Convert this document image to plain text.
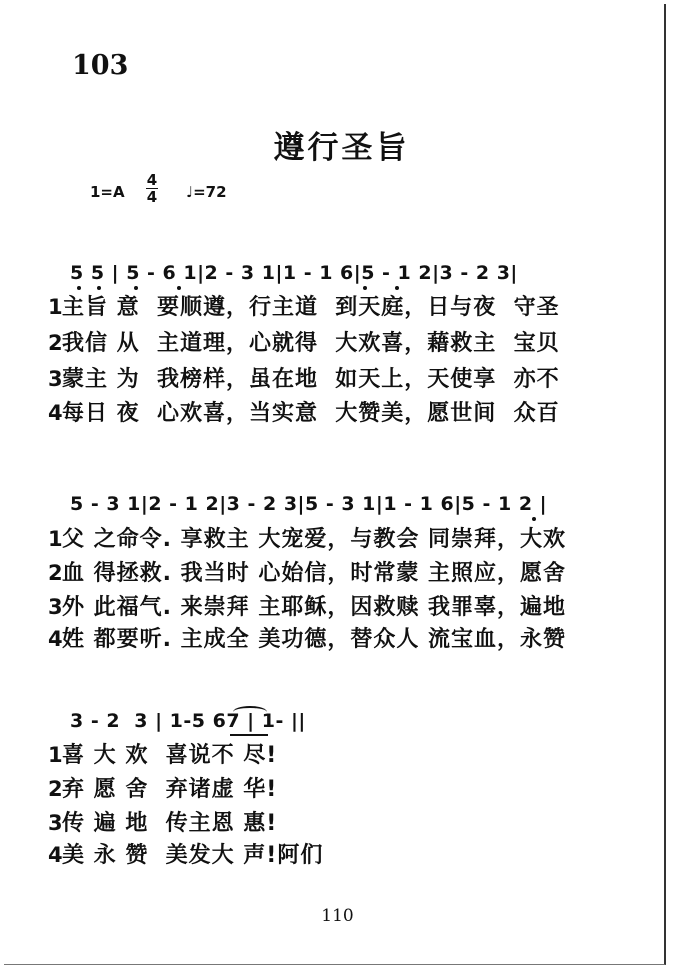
103
遵行圣旨
1=A
4
4 ♩=72
5 5 | 5 - 6 1|2 - 3 1|1 - 1 6|5 - 1 2|3 - 2 3|
1主旨 意  要顺遵，行主道  到天庭，日与夜  守圣
2我信 从  主道理，心就得  大欢喜，藉救主  宝贝
3蒙主 为  我榜样，虽在地  如天上，天使享  亦不
4每日 夜  心欢喜，当实意  大赞美，愿世间  众百
5 - 3 1|2 - 1 2|3 - 2 3|5 - 3 1|1 - 1 6|5 - 1 2 |
1父 之命令. 享救主 大宠爱，与教会 同崇拜，大欢
2血 得拯救. 我当时 心始信，时常蒙 主照应，愿舍
3外 此福气. 来崇拜 主耶稣，因救赎 我罪辜，遍地
4姓 都要听. 主成全 美功德，替众人 流宝血，永赞
3 - 2  3 | 1-5 67 | 1- ||
1喜 大 欢  喜说不 尽!
2弃 愿 舍  弃诸虚 华!
3传 遍 地  传主恩 惠!
4美 永 赞  美发大 声!阿们
110
